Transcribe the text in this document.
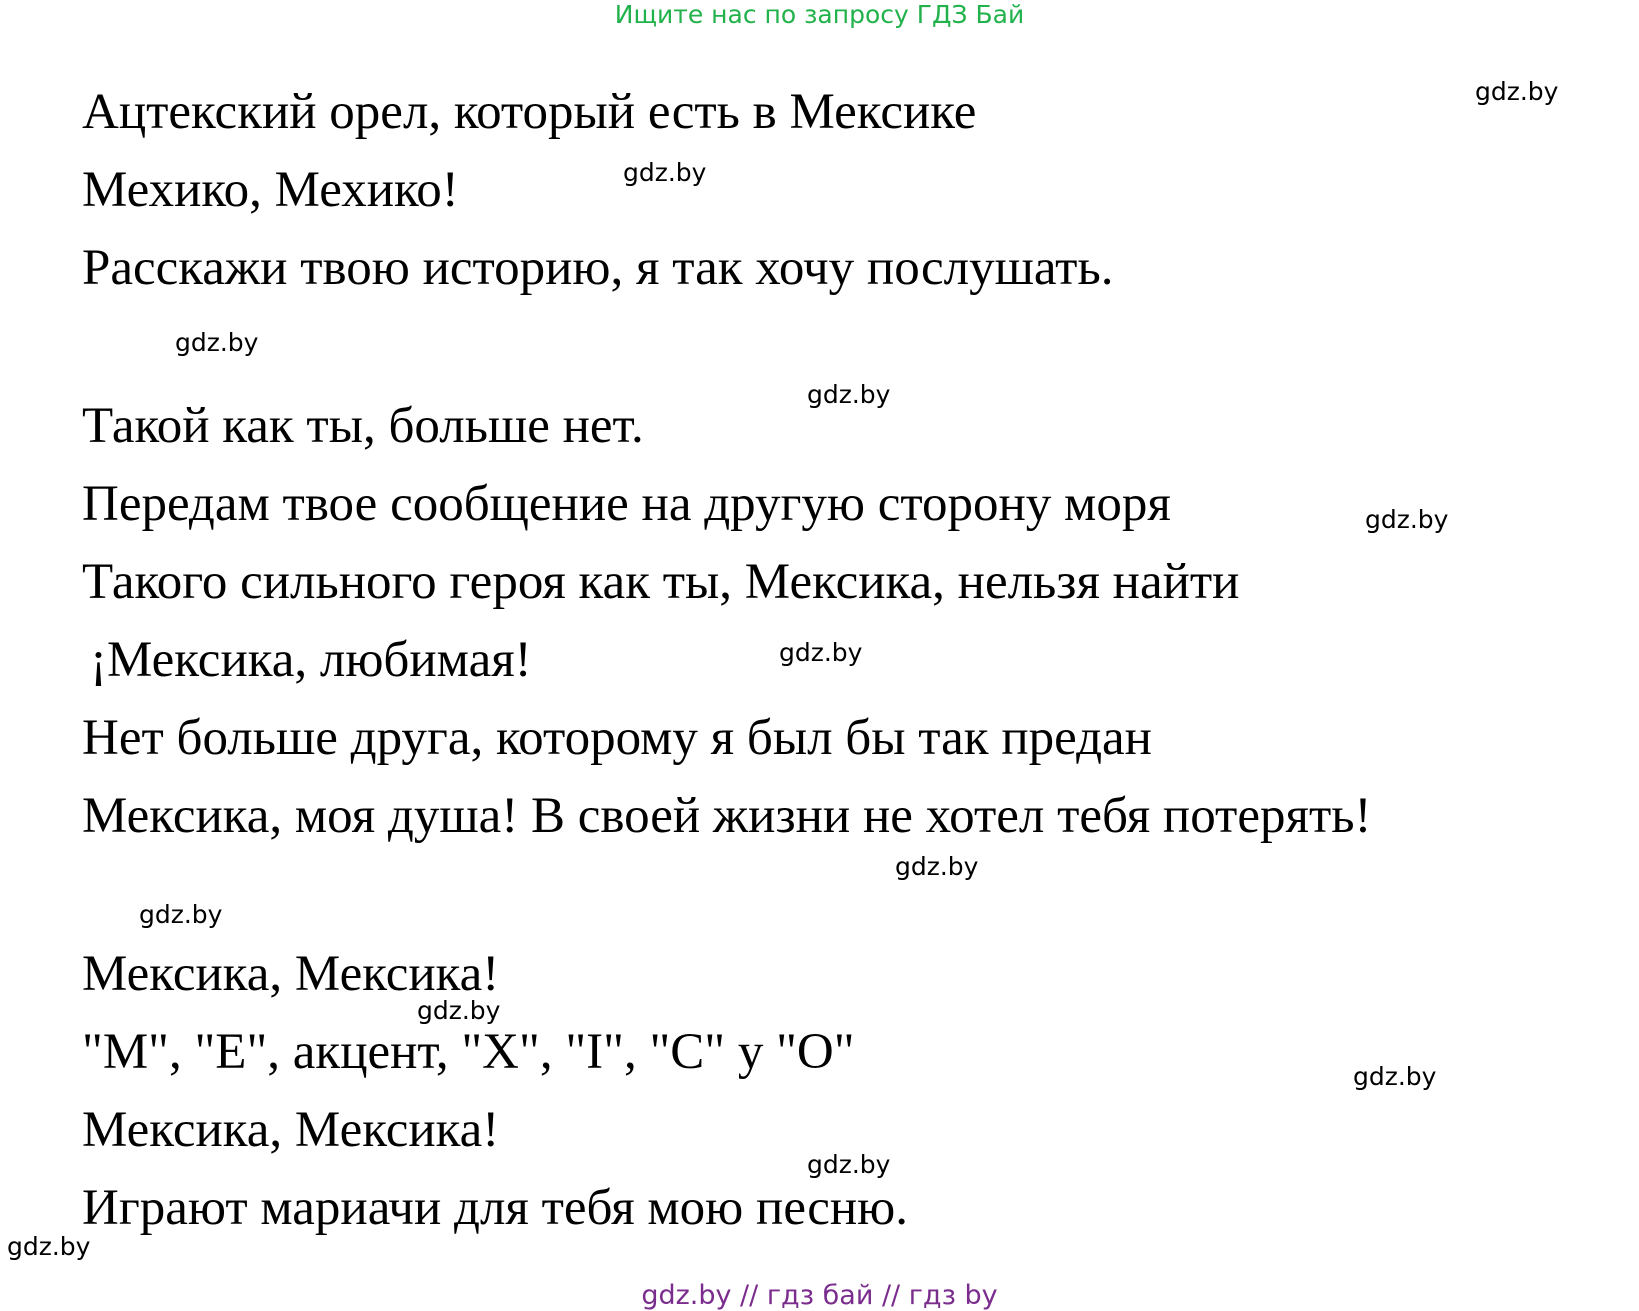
Ищите нас по запросу ГДЗ Бай
Ацтекский орел, который есть в Мексике
Мехико, Мехико!
Расскажи твою историю, я так хочу послушать.
Такой как ты, больше нет.
Передам твое сообщение на другую сторону моря
Такого сильного героя как ты, Мексика, нельзя найти
¡Мексика, любимая!
Нет больше друга, которому я был бы так предан
Мексика, моя душа! В своей жизни не хотел тебя потерять!
Мексика, Мексика!
"M", "E", акцент, "X", "I", "C" y "O"
Мексика, Мексика!
Играют мариачи для тебя мою песню.
gdz.by
gdz.by
gdz.by
gdz.by
gdz.by
gdz.by
gdz.by
gdz.by
gdz.by
gdz.by
gdz.by
gdz.by
gdz.by // гдз бай // гдз by
